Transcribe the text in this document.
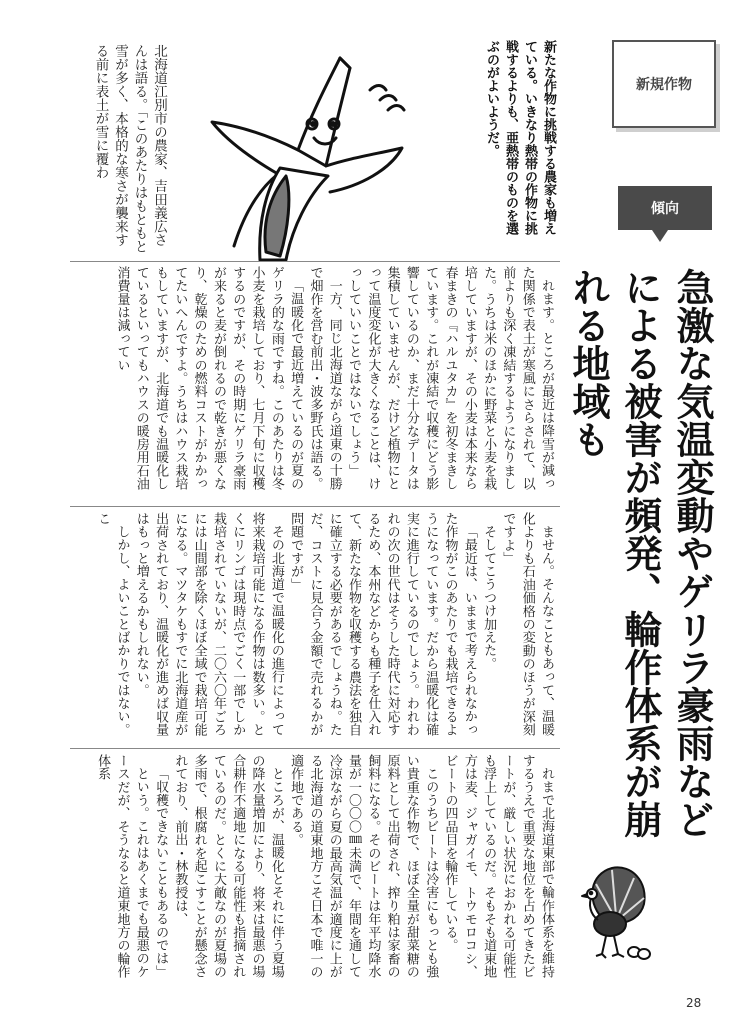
新規作物
傾向
急激な気温変動やゲリラ豪雨などによる被害が頻発、輪作体系が崩れる地域も
新たな作物に挑戦する農家も増えている。いきなり熱帯の作物に挑戦するよりも、亜熱帯のものを選ぶのがよいようだ。
北海道江別市の農家、吉田義広さんは語る。「このあたりはもともと雪が多く、本格的な寒さが襲来する前に表土が雪に覆わ

れます。ところが最近は降雪が減った関係で表土が寒風にさらされて、以前よりも深く凍結するようになりました。うちは米のほかに野菜と小麦を栽培していますが、その小麦は本来なら春まきの『ハルユタカ』を初冬まきしています。これが凍結で収穫にどう影響しているのか、まだ十分なデータは集積していませんが、だけど植物にとって温度変化が大きくなることは、けっしていいことではないでしょう」

一方、同じ北海道ながら道東の十勝で畑作を営む前出・波多野氏は語る。

「温暖化で最近増えているのが夏のゲリラ的な雨ですね。このあたりは冬小麦を栽培しており、七月下旬に収穫するのですが、その時期にゲリラ豪雨が来ると麦が倒れるので乾きが悪くなり、乾燥のための燃料コストがかかってたいへんですよ。うちはハウス栽培もしていますが、北海道でも温暖化しているといってもハウスの暖房用石油消費量は減ってい

ません。そんなこともあって、温暖化よりも石油価格の変動のほうが深刻ですよ」

そしてこうつけ加えた。

「最近は、いままで考えられなかった作物がこのあたりでも栽培できるようになっています。だから温暖化は確実に進行しているのでしょう。われわれの次の世代はそうした時代に対応するため、本州などからも種子を仕入れて、新たな作物を収穫する農法を独自に確立する必要があるでしょうね。ただ、コストに見合う金額で売れるかが問題ですが」

その北海道で温暖化の進行によって将来栽培可能になる作物は数多い。とくにリンゴは現時点でごく一部でしか栽培されていないが、二〇六〇年ごろには山間部を除くほぼ全域で栽培可能になる。マツタケもすでに北海道産が出荷されており、温暖化が進めば収量はもっと増えるかもしれない。

しかし、よいことばかりではない。こ

れまで北海道東部で輪作体系を維持するうえで重要な地位を占めてきたビートが、厳しい状況におかれる可能性も浮上しているのだ。そもそも道東地方は麦、ジャガイモ、トウモロコシ、ビートの四品目を輪作している。

このうちビートは冷害にもっとも強い貴重な作物で、ほぼ全量が甜菜糖の原料として出荷され、搾り粕は家畜の飼料になる。そのビートは年平均降水量が一〇〇〇㎜未満で、年間を通して冷涼ながら夏の最高気温が適度に上がる北海道の道東地方こそ日本で唯一の適作地である。

ところが、温暖化とそれに伴う夏場の降水量増加により、将来は最悪の場合耕作不適地になる可能性も指摘されているのだ。とくに大敵なのが夏場の多雨で、根腐れを起こすことが懸念されており、前出・林教授は、

「収穫できないこともあるのでは」

という。これはあくまでも最悪のケースだが、そうなると道東地方の輪作体系

28
